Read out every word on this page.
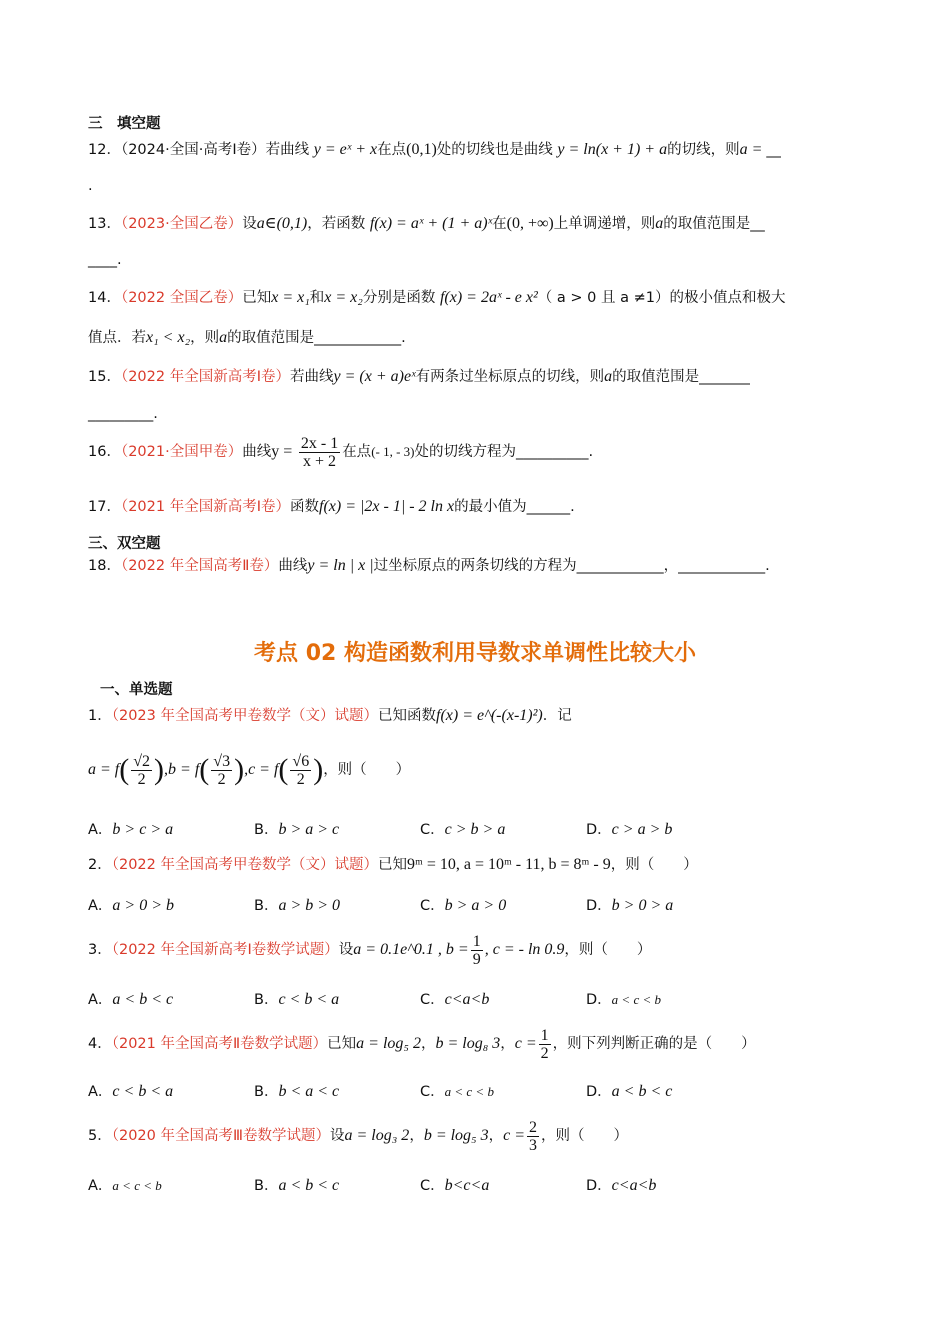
三　填空题
12．（2024·全国·高考Ⅰ卷）若曲线 y = eˣ + x在点(0,1)处的切线也是曲线 y = ln(x + 1) + a的切线，则a = __
.
13．（2023·全国乙卷）设a∈(0,1)，若函数 f(x) = aˣ + (1 + a)ˣ在(0, +∞)上单调递增，则a的取值范围是__
____.
14．（2022 全国乙卷）已知x = x₁和x = x₂分别是函数 f(x) = 2aˣ - e x²（ a > 0 且 a ≠1）的极小值点和极大
值点．若x₁ < x₂，则a的取值范围是____________.
15．（2022 年全国新高考Ⅰ卷）若曲线y = (x + a)eˣ有两条过坐标原点的切线，则a的取值范围是_______
_________.
16．（2021·全国甲卷）曲线$y = \frac{2x - 1}{x + 2}$ 在点(- 1, - 3)处的切线方程为__________.
17．（2021 年全国新高考Ⅰ卷）函数f(x) = |2x - 1| - 2 ln x的最小值为______.
三、双空题
18．（2022 年全国高考Ⅱ卷）曲线y = ln | x |过坐标原点的两条切线的方程为____________，____________.
考点 02 构造函数利用导数求单调性比较大小
一、单选题
1．（2023 年全国高考甲卷数学（文）试题）已知函数f(x) = e^(-(x-1)²)．记
$a = f( \frac{√2}{2} ),b = f( \frac{√3}{2} ),c = f( \frac{√6}{2}$ )，则（　　）
A．b > c > a	B．b > a > c	C．c > b > a	D．c > a > b
2．（2022 年全国高考甲卷数学（文）试题）已知9ᵐ = 10, a = 10ᵐ - 11, b = 8ᵐ - 9，则（　　）
A．a > 0 > b	B．a > b > 0	C．b > a > 0	D．b > 0 > a
3．（2022 年全国新高考Ⅰ卷数学试题）设a = 0.1e^0.1 , $b = \frac{1}{9}$ , c = - ln 0.9，则（　　）
A．a < b < c	B．c < b < a	C．c<a<b	D．a < c < b
4．（2021 年全国高考Ⅱ卷数学试题）已知a = log₅ 2，b = log₈ 3，$c = \frac{1}{2}$ ，则下列判断正确的是（　　）
A．c < b < a	B．b < a < c	C．a < c < b	D．a < b < c
5．（2020 年全国高考Ⅲ卷数学试题）设a = log₃ 2，b = log₅ 3，$c = \frac{2}{3}$ ，则（　　）
A．a < c < b	B．a < b < c	C．b<c<a	D．c<a<b
